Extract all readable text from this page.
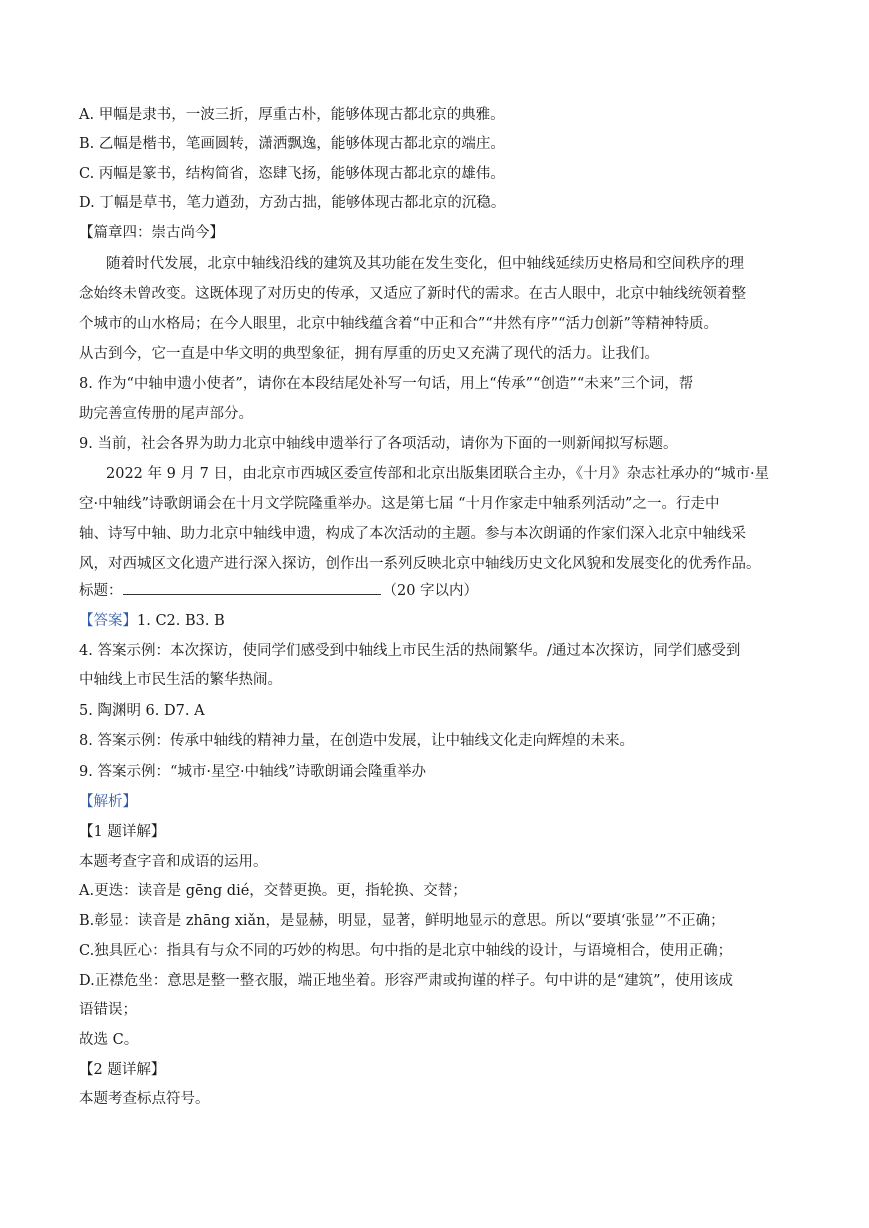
A. 甲幅是隶书，一波三折，厚重古朴，能够体现古都北京的典雅。
B. 乙幅是楷书，笔画圆转，潇洒飘逸，能够体现古都北京的端庄。
C. 丙幅是篆书，结构简省，恣肆飞扬，能够体现古都北京的雄伟。
D. 丁幅是草书，笔力遒劲，方劲古拙，能够体现古都北京的沉稳。
【篇章四：崇古尚今】
随着时代发展，北京中轴线沿线的建筑及其功能在发生变化，但中轴线延续历史格局和空间秩序的理
念始终未曾改变。这既体现了对历史的传承，又适应了新时代的需求。在古人眼中，北京中轴线统领着整
个城市的山水格局；在今人眼里，北京中轴线蕴含着“中正和合”“井然有序”“活力创新”等精神特质。
从古到今，它一直是中华文明的典型象征，拥有厚重的历史又充满了现代的活力。让我们。
8. 作为“中轴申遗小使者”，请你在本段结尾处补写一句话，用上“传承”“创造”“未来”三个词，帮
助完善宣传册的尾声部分。
9. 当前，社会各界为助力北京中轴线申遗举行了各项活动，请你为下面的一则新闻拟写标题。
2022 年 9 月 7 日，由北京市西城区委宣传部和北京出版集团联合主办，《十月》杂志社承办的“城市·星
空·中轴线”诗歌朗诵会在十月文学院隆重举办。这是第七届 “十月作家走中轴系列活动”之一。行走中
轴、诗写中轴、助力北京中轴线申遗，构成了本次活动的主题。参与本次朗诵的作家们深入北京中轴线采
风，对西城区文化遗产进行深入探访，创作出一系列反映北京中轴线历史文化风貌和发展变化的优秀作品。
标题：	（20 字以内）
【答案】1. C2. B3. B
4. 答案示例：本次探访，使同学们感受到中轴线上市民生活的热闹繁华。/通过本次探访，同学们感受到
中轴线上市民生活的繁华热闹。
5. 陶渊明 6. D7. A
8. 答案示例：传承中轴线的精神力量，在创造中发展，让中轴线文化走向辉煌的未来。
9. 答案示例：“城市·星空·中轴线”诗歌朗诵会隆重举办
【解析】
【1 题详解】
本题考查字音和成语的运用。
A.更迭：读音是 gēng dié，交替更换。更，指轮换、交替；
B.彰显：读音是 zhāng xiǎn，是显赫，明显，显著，鲜明地显示的意思。所以“要填‘张显’”不正确；
C.独具匠心：指具有与众不同的巧妙的构思。句中指的是北京中轴线的设计，与语境相合，使用正确；
D.正襟危坐：意思是整一整衣服，端正地坐着。形容严肃或拘谨的样子。句中讲的是“建筑”，使用该成
语错误；
故选 C。
【2 题详解】
本题考查标点符号。
